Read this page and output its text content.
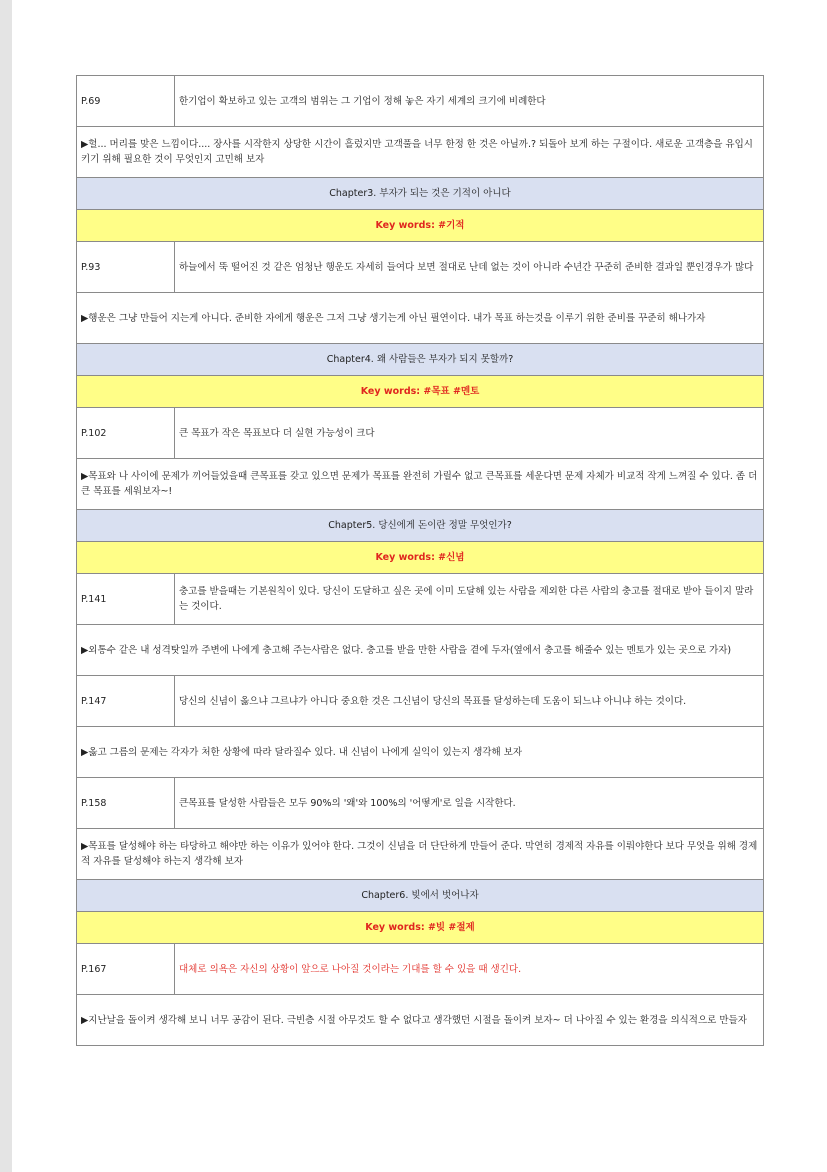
P.69	한기업이 확보하고 있는 고객의 범위는 그 기업이 정해 놓은 자기 세계의 크기에 비례한다
▶헐... 머리를 맞은 느낌이다.... 장사를 시작한지 상당한 시간이 흘렀지만 고객풀을 너무 한정 한 것은 아닐까.? 되돌아 보게 하는 구절이다. 새로운 고객층을 유입시키기 위해 필요한 것이 무엇인지 고민해 보자	
Chapter3. 부자가 되는 것은 기적이 아니다	
Key words: #기적	
P.93	하늘에서 뚝 떨어진 것 같은 엄청난 행운도 자세히 들여다 보면 절대로 난데 없는 것이 아니라 수년간 꾸준히 준비한 결과일 뿐인경우가 많다
▶행운은 그냥 만들어 지는게 아니다. 준비한 자에게 행운은 그저 그냥 생기는게 아닌 필연이다. 내가 목표 하는것을 이루기 위한 준비를 꾸준히 해나가자	
Chapter4. 왜 사람들은 부자가 되지 못할까?	
Key words: #목표 #멘토	
P.102	큰 목표가 작은 목표보다 더 실현 가능성이 크다
▶목표와 나 사이에 문제가 끼어들었을때 큰목표를 갖고 있으면 문제가 목표를 완전히 가릴수 없고 큰목표를 세운다면 문제 자체가 비교적 작게 느껴질 수 있다. 좀 더 큰 목표를 세워보자~!	
Chapter5. 당신에게 돈이란 정말 무엇인가?	
Key words: #신념	
P.141	충고를 받을때는 기본원칙이 있다. 당신이 도달하고 싶은 곳에 이미 도달해 있는 사람을 제외한 다른 사람의 충고를 절대로 받아 들이지 말라는 것이다.
▶외통수 같은 내 성격탓일까 주변에 나에게 충고해 주는사람은 없다. 충고를 받을 만한 사람을 곁에 두자(옆에서 충고를 해줄수 있는 멘토가 있는 곳으로 가자)	
P.147	당신의 신념이 옳으냐 그르냐가 아니다 중요한 것은 그신념이 당신의 목표를 달성하는데 도움이 되느냐 아니냐 하는 것이다.
▶옳고 그름의 문제는 각자가 처한 상황에 따라 달라질수 있다. 내 신념이 나에게 실익이 있는지 생각해 보자	
P.158	큰목표를 달성한 사람들은 모두 90%의 '왜'와 100%의 '어떻게'로 일을 시작한다.
▶목표를 달성해야 하는 타당하고 해야만 하는 이유가 있어야 한다. 그것이 신념을 더 단단하게 만들어 준다. 막연히 경제적 자유를 이뤄야한다 보다 무엇을 위해 경제적 자유를 달성해야 하는지 생각해 보자	
Chapter6. 빚에서 벗어나자	
Key words: #빚 #절제	
P.167	대체로 의욕은 자신의 상황이 앞으로 나아질 것이라는 기대를 할 수 있을 때 생긴다.
▶지난날을 돌이켜 생각해 보니 너무 공감이 된다. 극빈층 시절 아무것도 할 수 없다고 생각했던 시절을 돌이켜 보자~ 더 나아질 수 있는 환경을 의식적으로 만들자	
